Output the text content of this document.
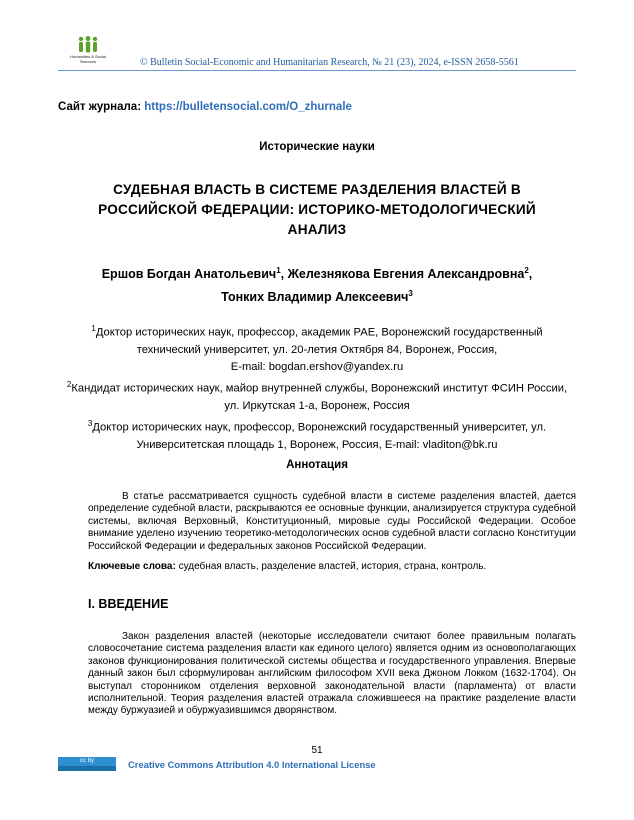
Humanities & Social
Sciences	© Bulletin Social-Economic and Humanitarian Research, № 21 (23), 2024, e-ISSN 2658-5561
Сайт журнала: https://bulletensocial.com/O_zhurnale
Исторические науки
СУДЕБНАЯ ВЛАСТЬ В СИСТЕМЕ РАЗДЕЛЕНИЯ ВЛАСТЕЙ В
РОССИЙСКОЙ ФЕДЕРАЦИИ: ИСТОРИКО-МЕТОДОЛОГИЧЕСКИЙ
АНАЛИЗ
Ершов Богдан Анатольевич$^1$, Железнякова Евгения Александровна$^2$,
Тонких Владимир Алексеевич$^3$
$^1$Доктор исторических наук, профессор, академик РАЕ, Воронежский государственный
технический университет, ул. 20-летия Октября 84, Воронеж, Россия,
E-mail: bogdan.ershov@yandex.ru
$^2$Кандидат исторических наук, майор внутренней службы, Воронежский институт ФСИН России,
ул. Иркутская 1-а, Воронеж, Россия
$^3$Доктор исторических наук, профессор, Воронежский государственный университет, ул.
Университетская площадь 1, Воронеж, Россия, E-mail: vladiton@bk.ru
Аннотация
В статье рассматривается сущность судебной власти в системе разделения властей, дается определение судебной власти, раскрываются ее основные функции, анализируется структура судебной системы, включая Верховный, Конституционный, мировые суды Российской Федерации. Особое внимание уделено изучению теоретико-методологических основ судебной власти согласно Конституции Российской Федерации и федеральных законов Российской Федерации.
Ключевые слова: судебная власть, разделение властей, история, страна, контроль.
I. ВВЕДЕНИЕ
Закон разделения властей (некоторые исследователи считают более правильным полагать словосочетание система разделения власти как единого целого) является одним из основополагающих законов функционирования политической системы общества и государственного управления. Впервые данный закон был сформулирован английским философом XVII века Джоном Локком (1632-1704). Он выступал сторонником отделения верховной законодательной власти (парламента) от власти исполнительной. Теория разделения властей отражала сложившееся на практике разделение власти между буржуазией и обуржуазившимся дворянством.
51
cc by	Creative Commons Attribution 4.0 International License
